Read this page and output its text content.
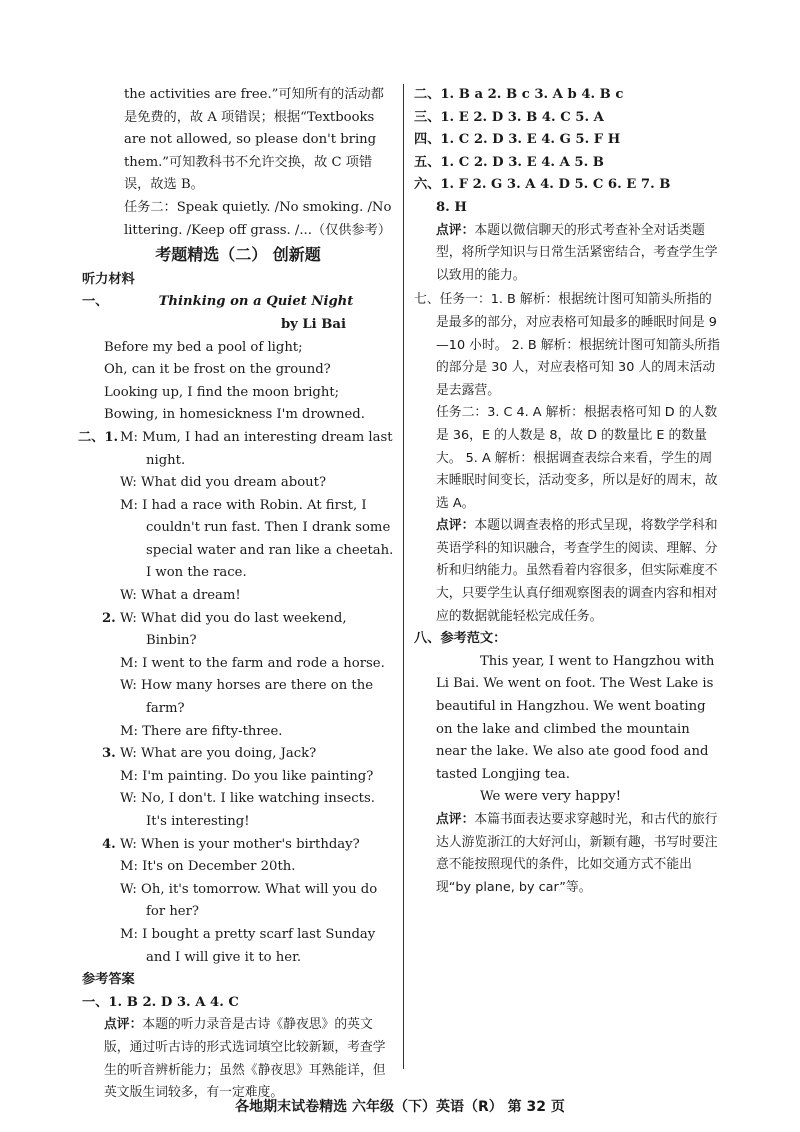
the activities are free.”可知所有的活动都
是免费的，故 A 项错误；根据“Textbooks
are not allowed, so please don't bring
them.”可知教科书不允许交换，故 C 项错
误，故选 B。
任务二：Speak quietly. /No smoking. /No
littering. /Keep off grass. /...（仅供参考）
考题精选（二） 创新题
听力材料
一、	Thinking on a Quiet Night
by Li Bai
Before my bed a pool of light;
Oh, can it be frost on the ground?
Looking up, I find the moon bright;
Bowing, in homesickness I'm drowned.
二、1. M: Mum, I had an interesting dream last night.
W: What did you dream about?
M: I had a race with Robin. At first, I couldn't run fast. Then I drank some special water and ran like a cheetah. I won the race.
W: What a dream!
2. W: What did you do last weekend, Binbin?
M: I went to the farm and rode a horse.
W: How many horses are there on the farm?
M: There are fifty-three.
3. W: What are you doing, Jack?
M: I'm painting. Do you like painting?
W: No, I don't. I like watching insects. It's interesting!
4. W: When is your mother's birthday?
M: It's on December 20th.
W: Oh, it's tomorrow. What will you do for her?
M: I bought a pretty scarf last Sunday and I will give it to her.
参考答案
一、1. B 2. D 3. A 4. C
点评：本题的听力录音是古诗《静夜思》的英文版，通过听古诗的形式选词填空比较新颖，考查学生的听音辨析能力；虽然《静夜思》耳熟能详，但英文版生词较多，有一定难度。
二、1. B a 2. B c 3. A b 4. B c
三、1. E 2. D 3. B 4. C 5. A
四、1. C 2. D 3. E 4. G 5. F H
五、1. C 2. D 3. E 4. A 5. B
六、1. F 2. G 3. A 4. D 5. C 6. E 7. B
8. H
点评：本题以微信聊天的形式考查补全对话类题型，将所学知识与日常生活紧密结合，考查学生学以致用的能力。
七、任务一：1. B 解析：根据统计图可知箭头所指的是最多的部分，对应表格可知最多的睡眠时间是 9—10 小时。 2. B 解析：根据统计图可知箭头所指的部分是 30 人，对应表格可知 30 人的周末活动是去露营。
任务二：3. C 4. A 解析：根据表格可知 D 的人数是 36，E 的人数是 8，故 D 的数量比 E 的数量大。 5. A 解析：根据调查表综合来看，学生的周末睡眠时间变长，活动变多，所以是好的周末，故选 A。
点评：本题以调查表格的形式呈现，将数学学科和英语学科的知识融合，考查学生的阅读、理解、分析和归纳能力。虽然看着内容很多，但实际难度不大，只要学生认真仔细观察图表的调查内容和相对应的数据就能轻松完成任务。
八、参考范文：
This year, I went to Hangzhou with Li Bai. We went on foot. The West Lake is beautiful in Hangzhou. We went boating on the lake and climbed the mountain near the lake. We also ate good food and tasted Longjing tea.
We were very happy!
点评：本篇书面表达要求穿越时光，和古代的旅行达人游览浙江的大好河山，新颖有趣，书写时要注意不能按照现代的条件，比如交通方式不能出现“by plane, by car”等。
各地期末试卷精选 六年级（下）英语（R） 第 32 页
